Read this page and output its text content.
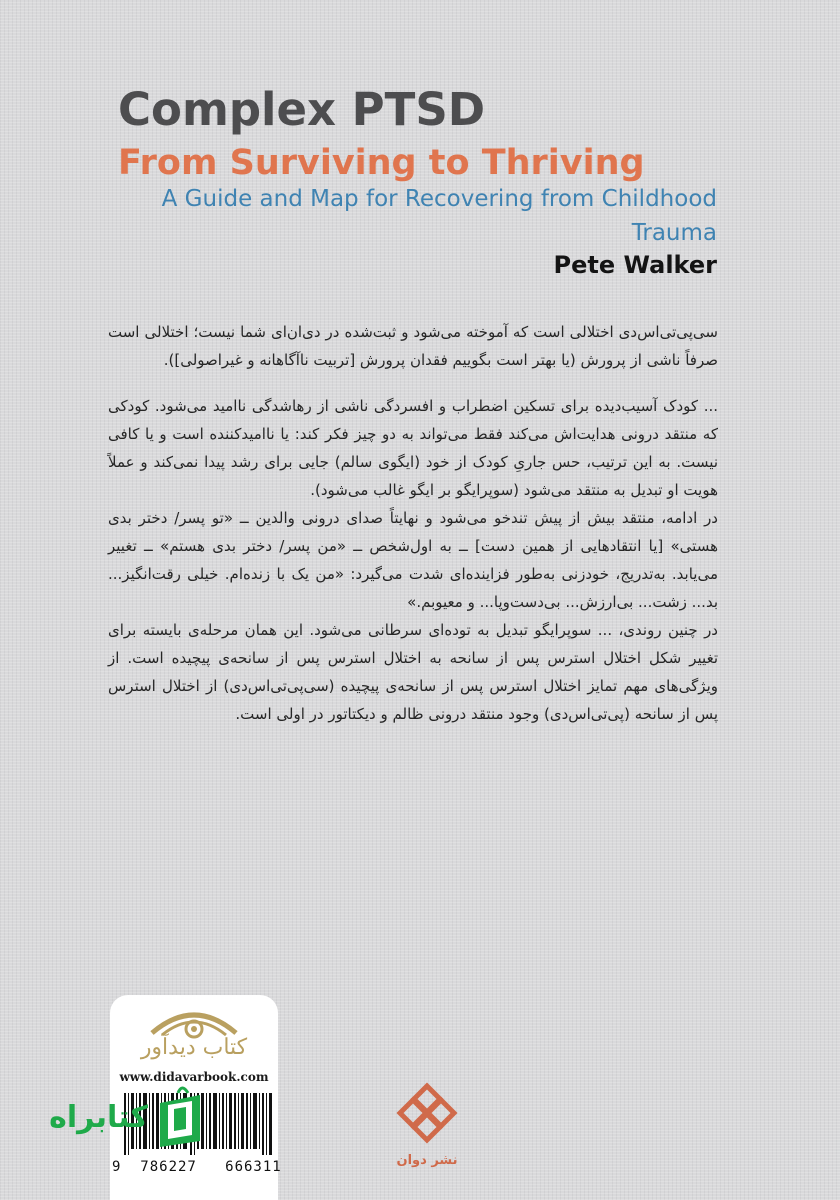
Complex PTSD
From Surviving to Thriving

A Guide and Map for Recovering from Childhood Trauma

Pete Walker

سی‌پی‌تی‌اس‌دی اختلالی است که آموخته می‌شود و ثبت‌شده در دی‌ان‌ای شما نیست؛ اختلالی است صرفاً ناشی از پرورش (یا بهتر است بگوییم فقدان پرورش [تربیت ناآگاهانه و غیراصولی]).

... کودک آسیب‌دیده برای تسکین اضطراب و افسردگی ناشی از رهاشدگی ناامید می‌شود. کودکی که منتقد درونی هدایت‌اش می‌کند فقط می‌تواند به دو چیز فکر کند: یا ناامیدکننده است و یا کافی نیست. به این ترتیب، حس جاریِ کودک از خود (ایگوی سالم) جایی برای رشد پیدا نمی‌کند و عملاً هویت او تبدیل به منتقد می‌شود (سوپرایگو بر ایگو غالب می‌شود).

در ادامه، منتقد بیش از پیش تندخو می‌شود و نهایتاً صدای درونی والدین ــ «تو پسر/ دختر بدی هستی» [یا انتقادهایی از همین دست] ــ به اول‌شخص ــ «من پسر/ دختر بدی هستم» ــ تغییر می‌یابد. به‌تدریج، خودزنی به‌طور فزاینده‌ای شدت می‌گیرد: «من یک‌ با زنده‌ام. خیلی رقت‌انگیز... بد... زشت... بی‌ارزش... بی‌دست‌وپا... و معیوبم.»

در چنین روندی، ... سوپرایگو تبدیل به توده‌ای سرطانی می‌شود. این همان مرحله‌ی بایسته برای تغییر شکل اختلال استرس پس از سانحه به اختلال استرس پس از سانحه‌ی پیچیده است. از ویژگی‌های مهم تمایز اختلال استرس پس از سانحه‌ی پیچیده (سی‌پی‌تی‌اس‌دی) از اختلال استرس پس از سانحه (پی‌تی‌اس‌دی) وجود منتقد درونی ظالم و دیکتاتور در اولی است.

کتاب دیدآور
www.didavarbook.com
9  786227   666311
کتابراه
نشر دوان
